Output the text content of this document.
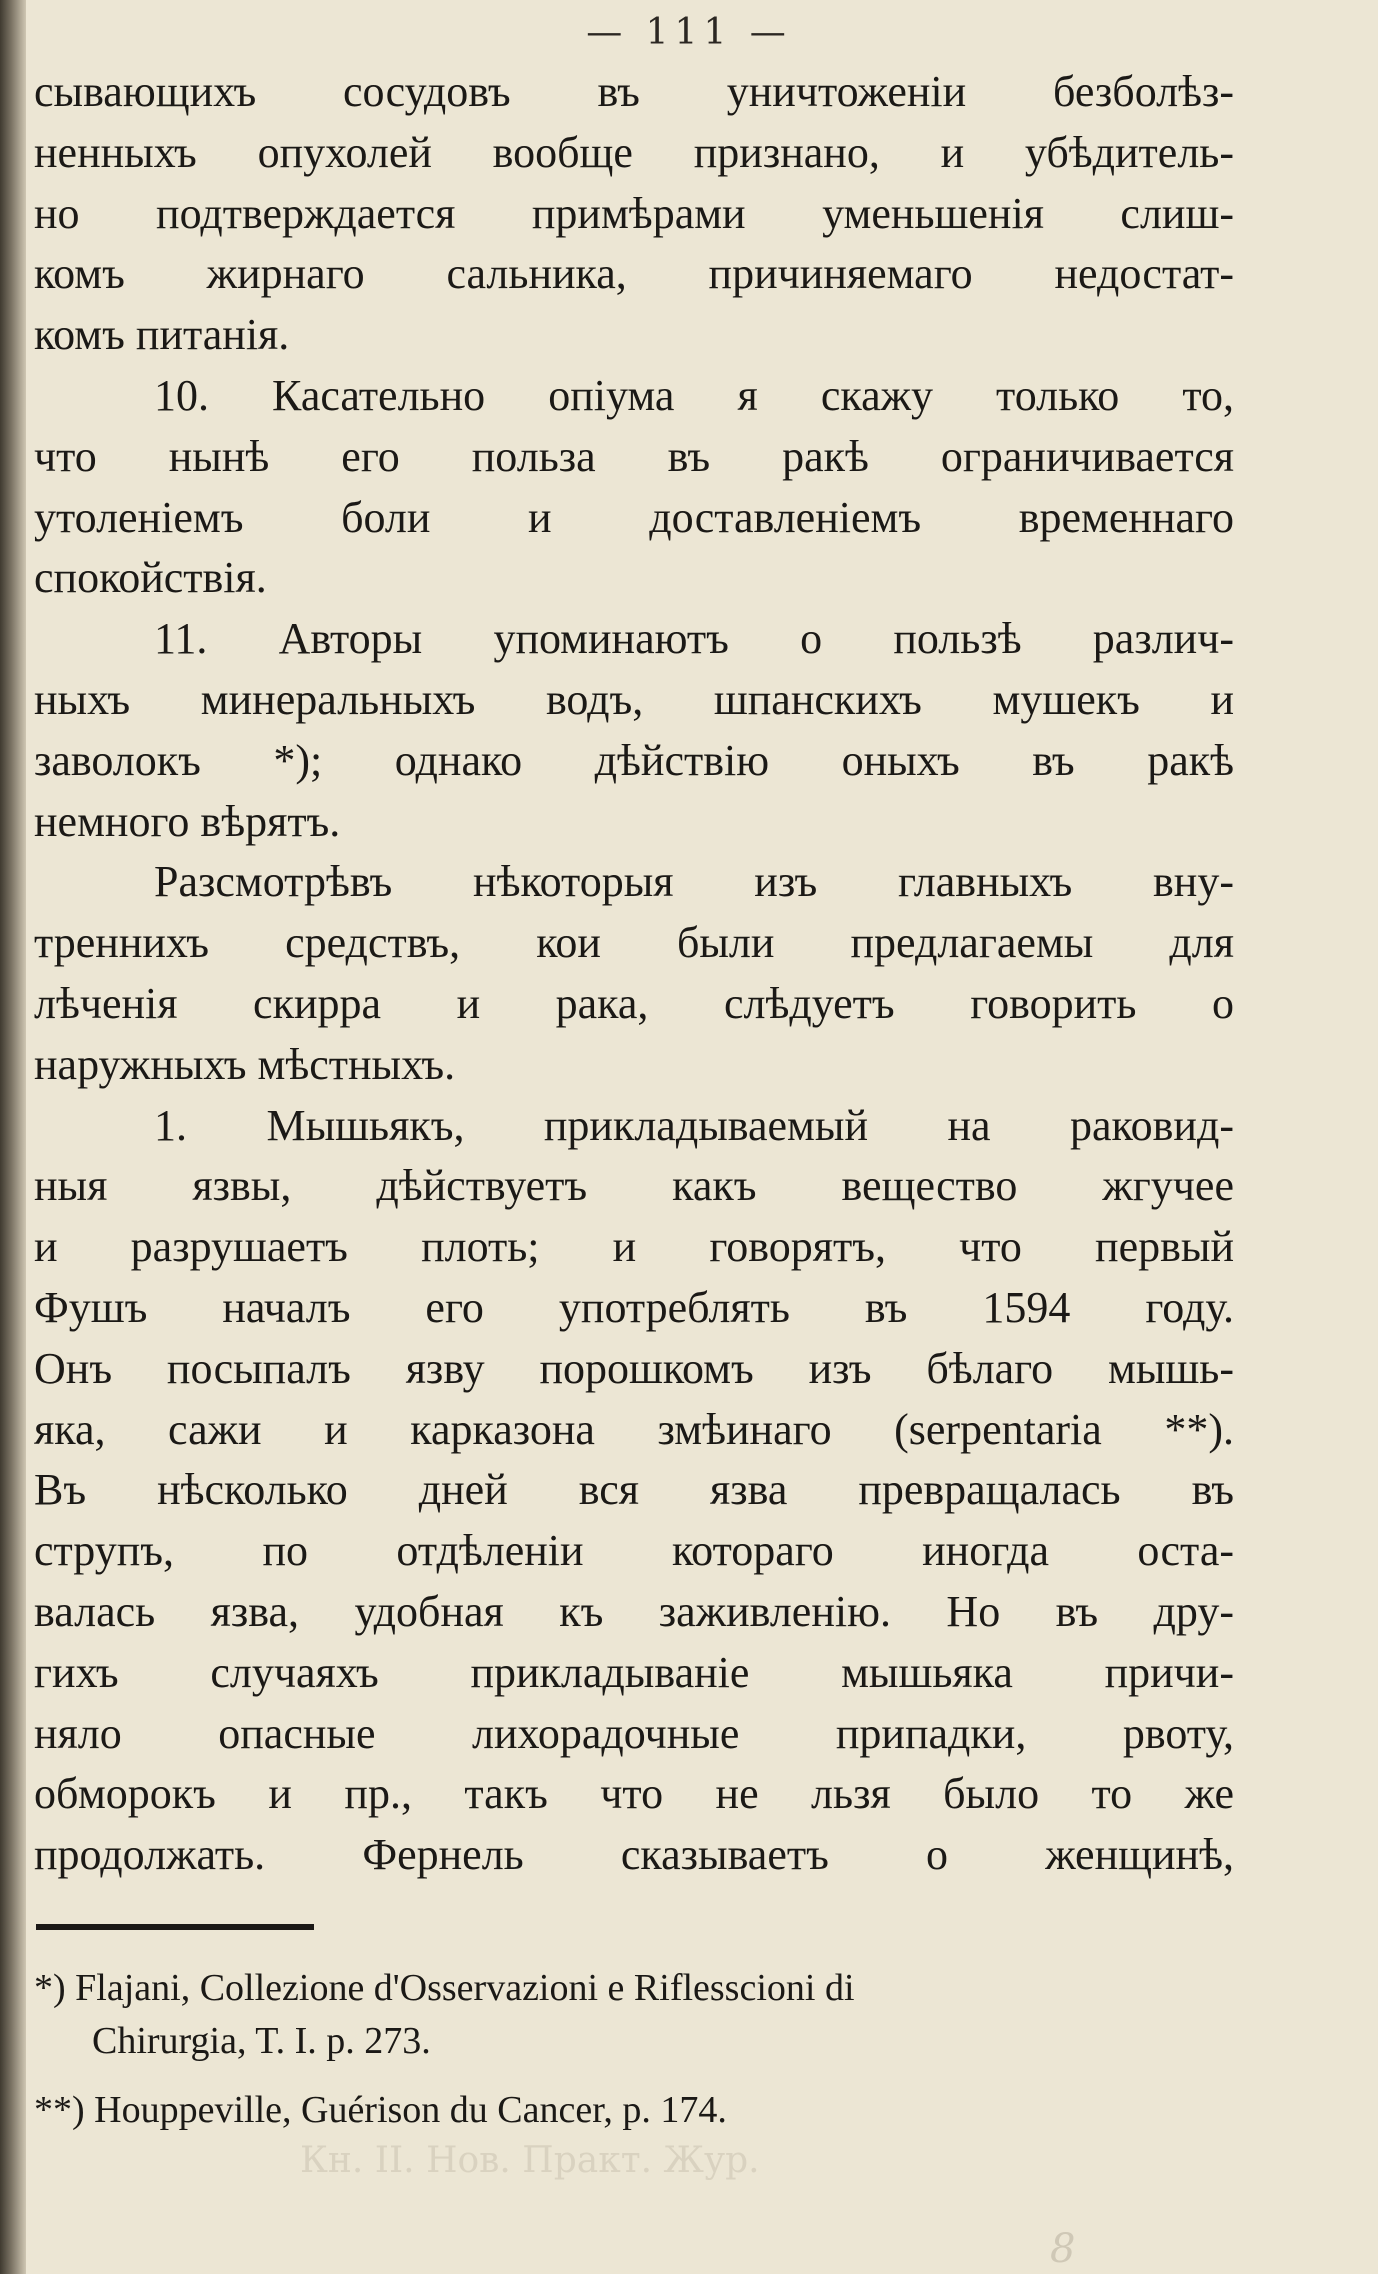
— 111 —
сывающихъ сосудовъ въ уничтоженіи безболѣз-
ненныхъ опухолей вообще признано, и убѣдитель-
но подтверждается примѣрами уменьшенія слиш-
комъ жирнаго сальника, причиняемаго недостат-
комъ питанія.
10. Касательно опіума я скажу только то,
что нынѣ его польза въ ракѣ ограничивается
утоленіемъ боли и доставленіемъ временнаго
спокойствія.
11. Авторы упоминаютъ о пользѣ различ-
ныхъ минеральныхъ водъ, шпанскихъ мушекъ и
заволокъ *); однако дѣйствію оныхъ въ ракѣ
немного вѣрятъ.
Разсмотрѣвъ нѣкоторыя изъ главныхъ вну-
треннихъ средствъ, кои были предлагаемы для
лѣченія скирра и рака, слѣдуетъ говорить о
наружныхъ мѣстныхъ.
1. Мышьякъ, прикладываемый на раковид-
ныя язвы, дѣйствуетъ какъ вещество жгучее
и разрушаетъ плоть; и говорятъ, что первый
Фушъ началъ его употреблять въ 1594 году.
Онъ посыпалъ язву порошкомъ изъ бѣлаго мышь-
яка, сажи и карказона змѣинаго (serpentaria **).
Въ нѣсколько дней вся язва превращалась въ
струпъ, по отдѣленіи котораго иногда оста-
валась язва, удобная къ заживленію. Но въ дру-
гихъ случаяхъ прикладываніе мышьяка причи-
няло опасные лихорадочные припадки, рвоту,
обморокъ и пр., такъ что не льзя было то же
продолжать. Фернель сказываетъ о женщинѣ,
*) Flajani, Collezione d'Osservazioni e Riflesscioni di
Chirurgia, T. I. p. 273.
**) Houppeville, Guérison du Cancer, p. 174.
8
Кн. II. Нов. Практ. Жур.
